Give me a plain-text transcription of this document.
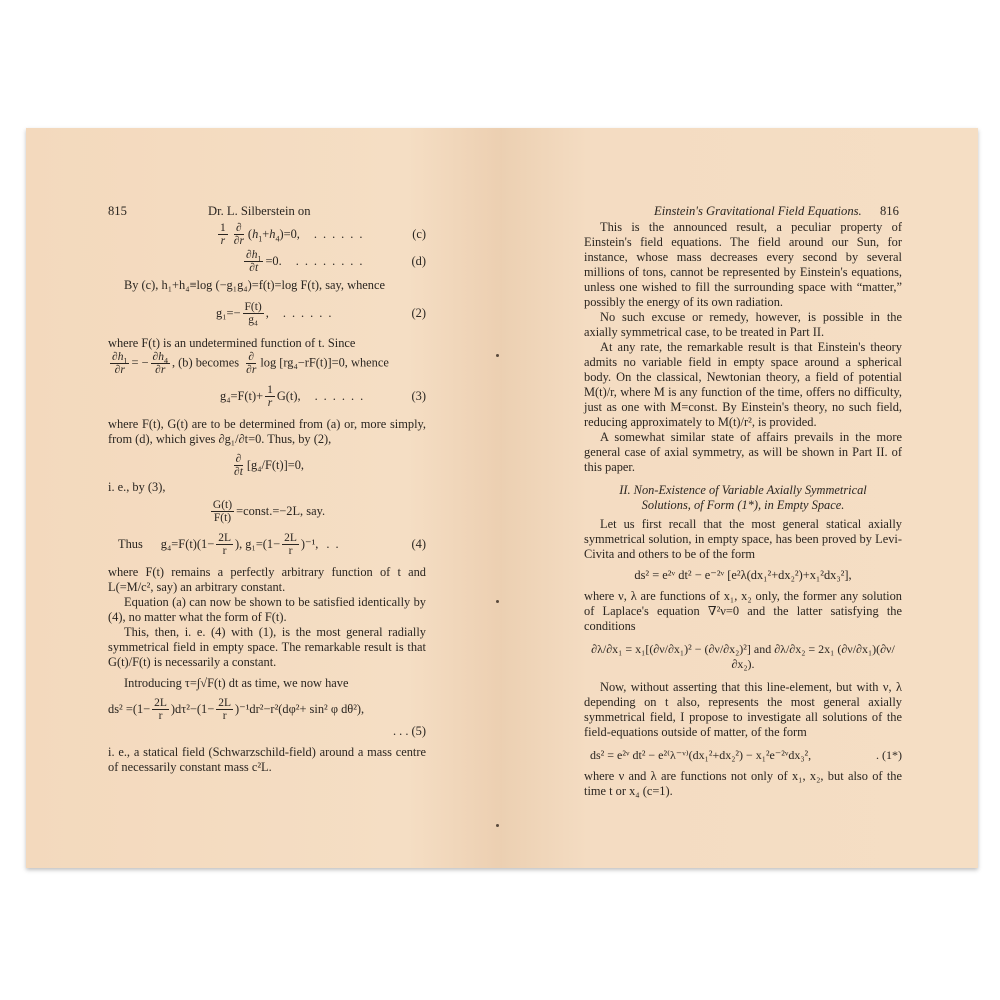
815	Dr. L. Silberstein on
$\frac{1}{r} \frac{\partial}{\partial r} (h_1+h_4)=0$, ......	(c)
$\frac{\partial h_1}{\partial t} =0$. ........	(d)

By (c), h₁+h₄≡log (−g₁g₄)=f(t)=log F(t), say, whence

$g_1=- \frac{F(t)}{\text{g₄}}$ , ......	(2)

where F(t) is an undetermined function of t. Since

$\frac{\partial h_1}{\partial r}$ = − $\frac{\partial h_4}{\partial r}$ , (b) becomes $\frac{\partial}{\partial r}$ log [rg₄−rF(t)]=0, whence

$g_4=F(t)+ \frac{1}{r} G(t)$, ......	(3)

where F(t), G(t) are to be determined from (a) or, more simply, from (d), which gives ∂g₁/∂t=0. Thus, by (2),

$\frac{\partial}{\partial t} [g_4/F(t)]=0$,

i. e., by (3),

$\frac{G(t)}{F(t)}$ =const.=−2L, say.
Thus $g_4=F(t)(1- \frac{2L}{r}$ ), $g_1=(1- \frac{2L}{r} )^{-1}$, ..	(4)

where F(t) remains a perfectly arbitrary function of t and L(=M/c², say) an arbitrary constant.

Equation (a) can now be shown to be satisfied identically by (4), no matter what the form of F(t).

This, then, i. e. (4) with (1), is the most general radially symmetrical field in empty space. The remarkable result is that G(t)/F(t) is necessarily a constant.

Introducing τ=∫√F(t) dt as time, we now have

$ds^2 =(1- \frac{2L}{r} )d\tau^2-(1- \frac{2L}{r} )^{-1}dr^2-r^2(d\varphi^2+ \sin^2$ φ dθ²),
. . . (5)

i. e., a statical field (Schwarzschild-field) around a mass centre of necessarily constant mass c²L.

Einstein's Gravitational Field Equations. 816

This is the announced result, a peculiar property of Einstein's field equations. The field around our Sun, for instance, whose mass decreases every second by several millions of tons, cannot be represented by Einstein's equations, unless one wished to fill the surrounding space with “matter,” possibly the energy of its own radiation.

No such excuse or remedy, however, is possible in the axially symmetrical case, to be treated in Part II.

At any rate, the remarkable result is that Einstein's theory admits no variable field in empty space around a spherical body. On the classical, Newtonian theory, a field of potential M(t)/r, where M is any function of the time, offers no difficulty, just as one with M=const. By Einstein's theory, no such field, reducing approximately to M(t)/r², is provided.

A somewhat similar state of affairs prevails in the more general case of axial symmetry, as will be shown in Part II. of this paper.

II. Non-Existence of Variable Axially Symmetrical
Solutions, of Form (1*), in Empty Space.

Let us first recall that the most general statical axially symmetrical solution, in empty space, has been proved by Levi-Civita and others to be of the form

ds² = e²ᵛ dt² − e⁻²ᵛ [e²λ(dx₁²+dx₂²)+x₁²dx₃²],

where ν, λ are functions of x₁, x₂ only, the former any solution of Laplace's equation ∇²ν=0 and the latter satisfying the conditions

∂λ/∂x₁ = x₁[(∂ν/∂x₁)² − (∂ν/∂x₂)²] and ∂λ/∂x₂ = 2x₁ (∂ν/∂x₁)(∂ν/∂x₂).

Now, without asserting that this line-element, but with ν, λ depending on t also, represents the most general axially symmetrical field, I propose to investigate all solutions of the field-equations outside of matter, of the form

ds² = e²ᵛ dt² − e²⁽λ⁻ᵛ⁾(dx₁²+dx₂²) − x₁²e⁻²ᵛdx₃²,	. (1*)

where ν and λ are functions not only of x₁, x₂, but also of the time t or x₄ (c=1).
